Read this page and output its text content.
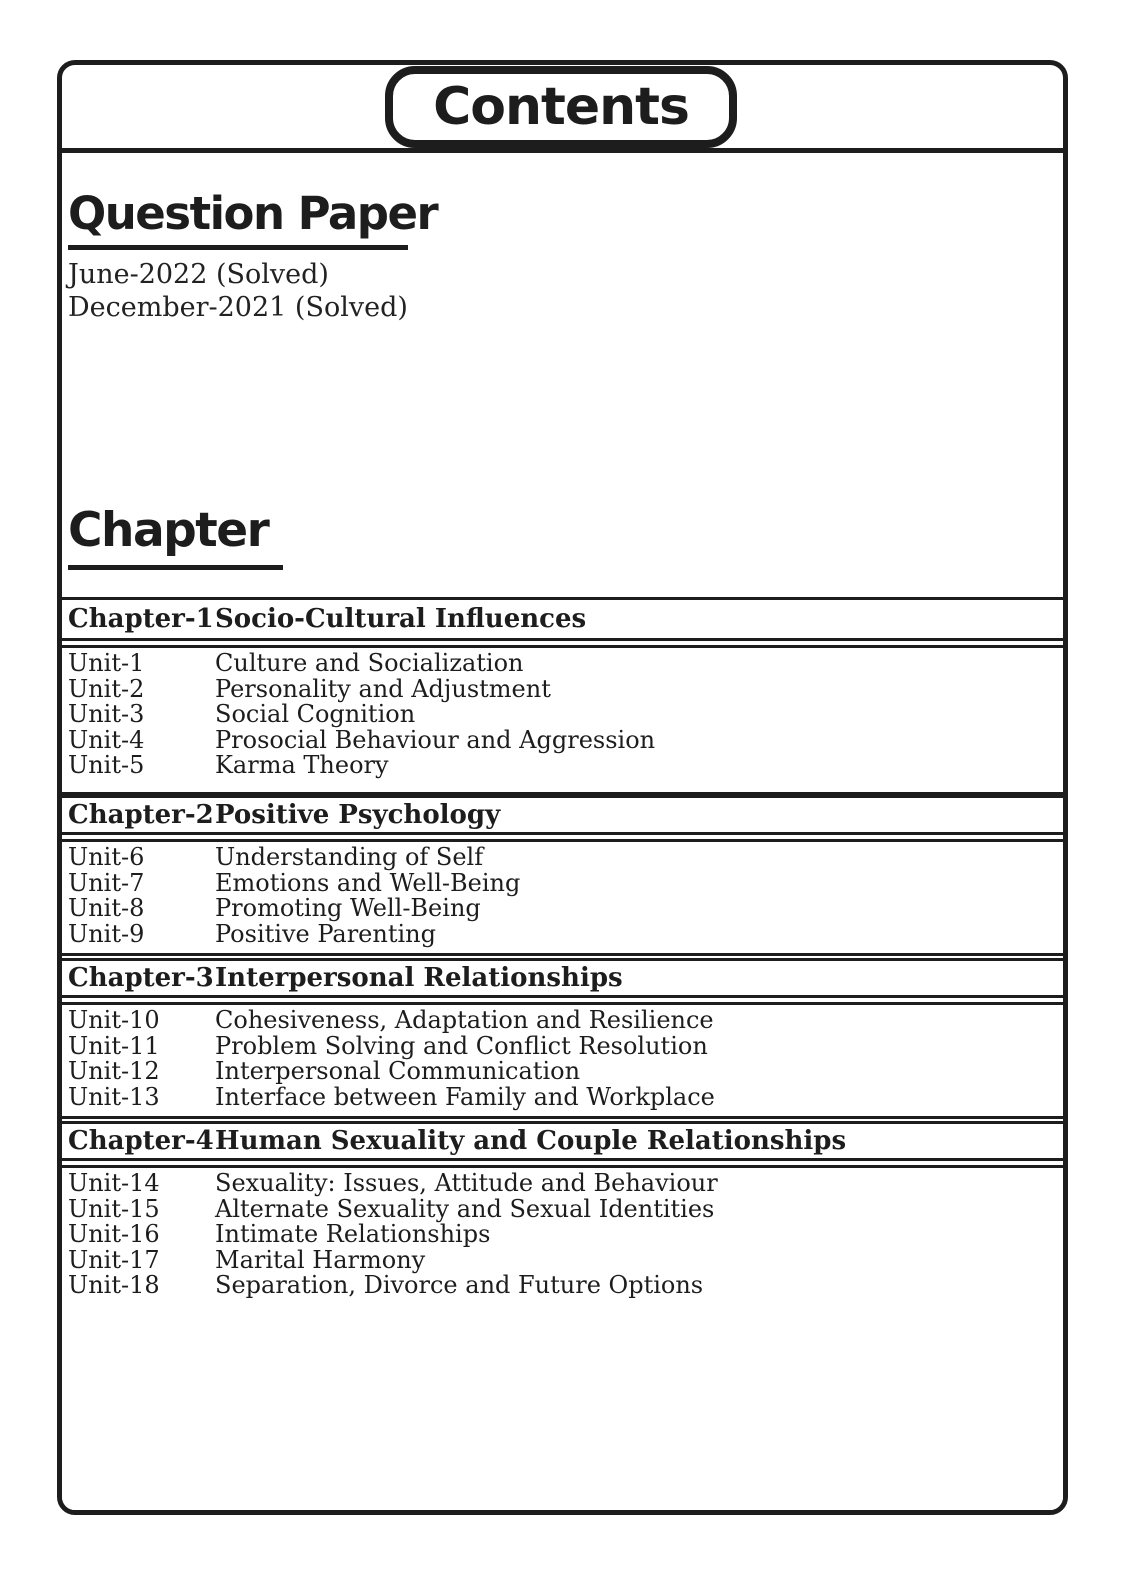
Contents
Question Paper
June-2022 (Solved)
December-2021 (Solved)
Chapter
Chapter-1 Socio-Cultural Influences
Unit-1	Culture and Socialization
Unit-2	Personality and Adjustment
Unit-3	Social Cognition
Unit-4	Prosocial Behaviour and Aggression
Unit-5	Karma Theory
Chapter-2 Positive Psychology
Unit-6	Understanding of Self
Unit-7	Emotions and Well-Being
Unit-8	Promoting Well-Being
Unit-9	Positive Parenting
Chapter-3 Interpersonal Relationships
Unit-10	Cohesiveness, Adaptation and Resilience
Unit-11	Problem Solving and Conflict Resolution
Unit-12	Interpersonal Communication
Unit-13	Interface between Family and Workplace
Chapter-4 Human Sexuality and Couple Relationships
Unit-14	Sexuality: Issues, Attitude and Behaviour
Unit-15	Alternate Sexuality and Sexual Identities
Unit-16	Intimate Relationships
Unit-17	Marital Harmony
Unit-18	Separation, Divorce and Future Options
